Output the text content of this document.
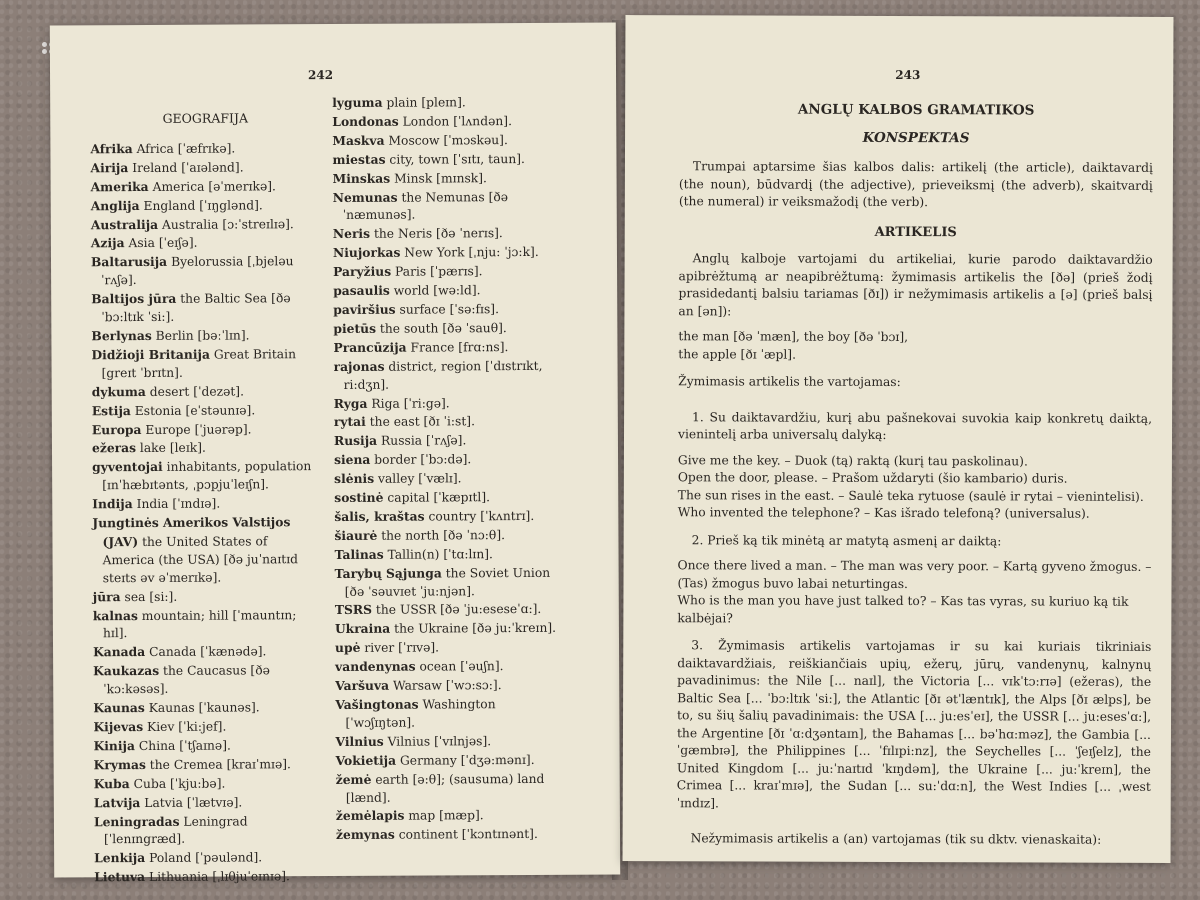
242

GEOGRAFIJA

Afrika Africa [ˈæfrɪkə].

Airija Ireland [ˈaɪələnd].

Amerika America [əˈmerɪkə].

Anglija England [ˈɪŋglənd].

Australija Australia [ɔ:ˈstreɪlɪə].

Azija Asia [ˈeɪʃə].

Baltarusija Byelorussia [ˌbjeləuˈrʌʃə].

Baltijos jūra the Baltic Sea [ðə ˈbɔ:ltɪk ˈsi:].

Berlynas Berlin [bəːˈlɪn].

Didžioji Britanija Great Britain [greɪt ˈbrɪtn].

dykuma desert [ˈdezət].

Estija Estonia [eˈstəunɪə].

Europa Europe [ˈjuərəp].

ežeras lake [leɪk].

gyventojai inhabitants, population [ɪnˈhæbɪtənts, ˌpɔpjuˈleɪʃn].

Indija India [ˈɪndɪə].

Jungtinės Amerikos Valstijos (JAV) the United States of America (the USA) [ðə juˈnaɪtɪd steɪts əv əˈmerɪkə].

jūra sea [si:].

kalnas mountain; hill [ˈmauntɪn; hɪl].

Kanada Canada [ˈkænədə].

Kaukazas the Caucasus [ðə ˈkɔ:kəsəs].

Kaunas Kaunas [ˈkaunəs].

Kijevas Kiev [ˈki:jef].

Kinija China [ˈtʃaɪnə].

Krymas the Cremea [kraɪˈmɪə].

Kuba Cuba [ˈkju:bə].

Latvija Latvia [ˈlætvɪə].

Leningradas Leningrad [ˈlenɪngræd].

Lenkija Poland [ˈpəulənd].

Lietuva Lithuania [ˌlɪθjuˈeɪnɪə].

lyguma plain [pleɪn].

Londonas London [ˈlʌndən].

Maskva Moscow [ˈmɔskəu].

miestas city, town [ˈsɪtɪ, taun].

Minskas Minsk [mɪnsk].

Nemunas the Nemunas [ðə ˈnæmunəs].

Neris the Neris [ðə ˈnerɪs].

Niujorkas New York [ˌnju: ˈjɔ:k].

Paryžius Paris [ˈpærɪs].

pasaulis world [wə:ld].

paviršius surface [ˈsə:fɪs].

pietūs the south [ðə ˈsauθ].

Prancūzija France [frɑ:ns].

rajonas district, region [ˈdɪstrɪkt, ri:dʒn].

Ryga Riga [ˈri:gə].

rytai the east [ðɪ ˈi:st].

Rusija Russia [ˈrʌʃə].

siena border [ˈbɔ:də].

slėnis valley [ˈvælɪ].

sostinė capital [ˈkæpɪtl].

šalis, kraštas country [ˈkʌntrɪ].

šiaurė the north [ðə ˈnɔ:θ].

Talinas Tallin(n) [ˈtɑ:lɪn].

Tarybų Sąjunga the Soviet Union [ðə ˈsəuvɪet ˈju:njən].

TSRS the USSR [ðə ˈju:eseseˈɑ:].

Ukraina the Ukraine [ðə ju:ˈkreɪn].

upė river [ˈrɪvə].

vandenynas ocean [ˈəuʃn].

Varšuva Warsaw [ˈwɔ:sɔ:].

Vašingtonas Washington [ˈwɔʃɪŋtən].

Vilnius Vilnius [ˈvɪlnjəs].

Vokietija Germany [ˈdʒə:mənɪ].

žemė earth [ə:θ]; (sausuma) land [lænd].

žemėlapis map [mæp].

žemynas continent [ˈkɔntɪnənt].

243

ANGLŲ KALBOS GRAMATIKOS

KONSPEKTAS

Trumpai aptarsime šias kalbos dalis: artikelį (the article), daiktavardį (the noun), būdvardį (the adjective), prieveiksmį (the adverb), skaitvardį (the numeral) ir veiksmažodį (the verb).

ARTIKELIS

Anglų kalboje vartojami du artikeliai, kurie parodo daiktavardžio apibrėžtumą ar neapibrėžtumą: žymimasis artikelis the [ðə] (prieš žodį prasidedantį balsiu tariamas [ðɪ]) ir nežymimasis artikelis a [ə] (prieš balsį an [ən]):

the man [ðə ˈmæn], the boy [ðə ˈbɔɪ],

the apple [ðɪ ˈæpl].

Žymimasis artikelis the vartojamas:

1. Su daiktavardžiu, kurį abu pašnekovai suvokia kaip konkretų daiktą, vienintelį arba universalų dalyką:

Give me the key. – Duok (tą) raktą (kurį tau paskolinau).

Open the door, please. – Prašom uždaryti (šio kambario) duris.

The sun rises in the east. – Saulė teka rytuose (saulė ir rytai – vienintelisi).

Who invented the telephone? – Kas išrado telefoną? (universalus).

2. Prieš ką tik minėtą ar matytą asmenį ar daiktą:

Once there lived a man. – The man was very poor. – Kartą gyveno žmogus. – (Tas) žmogus buvo labai neturtingas.

Who is the man you have just talked to? – Kas tas vyras, su kuriuo ką tik kalbėjai?

3. Žymimasis artikelis vartojamas ir su kai kuriais tikriniais daiktavardžiais, reiškiančiais upių, ežerų, jūrų, vandenynų, kalnynų pavadinimus: the Nile [... naɪl], the Victoria [... vɪkˈtɔ:rɪə] (ežeras), the Baltic Sea [... ˈbɔ:ltɪk ˈsi:], the Atlantic [ðɪ ətˈlæntɪk], the Alps [ðɪ ælps], be to, su šių šalių pavadinimais: the USA [... ju:esˈeɪ], the USSR [... ju:esesˈɑ:], the Argentine [ðɪ ˈɑ:dʒəntaɪn], the Bahamas [... bəˈhɑ:məz], the Gambia [... ˈgæmbɪə], the Philippines [... ˈfɪlɪpi:nz], the Seychelles [... ˈʃeɪʃelz], the United Kingdom [... ju:ˈnaɪtɪd ˈkɪŋdəm], the Ukraine [... ju:ˈkreɪn], the Crimea [... kraɪˈmɪə], the Sudan [... su:ˈdɑ:n], the West Indies [... ˌwestˈɪndɪz].

Nežymimasis artikelis a (an) vartojamas (tik su dktv. vienaskaita):
